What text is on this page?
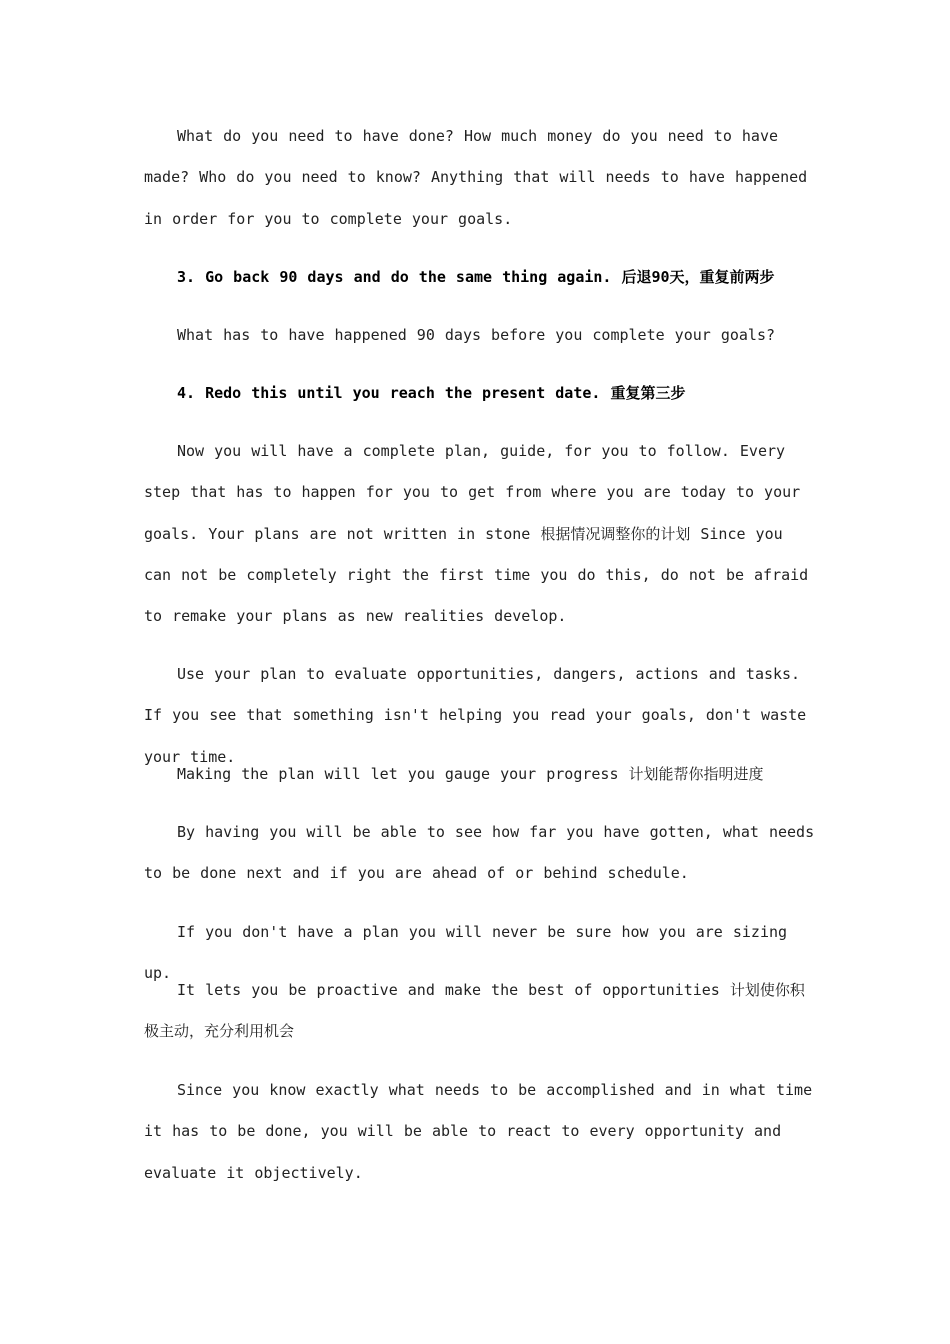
What do you need to have done? How much money do you need to have made? Who do you need to know? Anything that will needs to have happened in order for you to complete your goals.

3. Go back 90 days and do the same thing again. 后退90天，重复前两步

What has to have happened 90 days before you complete your goals?

4. Redo this until you reach the present date. 重复第三步

Now you will have a complete plan, guide, for you to follow. Every step that has to happen for you to get from where you are today to your goals. Your plans are not written in stone 根据情况调整你的计划 Since you can not be completely right the first time you do this, do not be afraid to remake your plans as new realities develop.

Use your plan to evaluate opportunities, dangers, actions and tasks. If you see that something isn't helping you read your goals, don't waste your time.

Making the plan will let you gauge your progress 计划能帮你指明进度

By having you will be able to see how far you have gotten, what needs to be done next and if you are ahead of or behind schedule.

If you don't have a plan you will never be sure how you are sizing up.

It lets you be proactive and make the best of opportunities 计划使你积极主动，充分利用机会

Since you know exactly what needs to be accomplished and in what time it has to be done, you will be able to react to every opportunity and evaluate it objectively.
